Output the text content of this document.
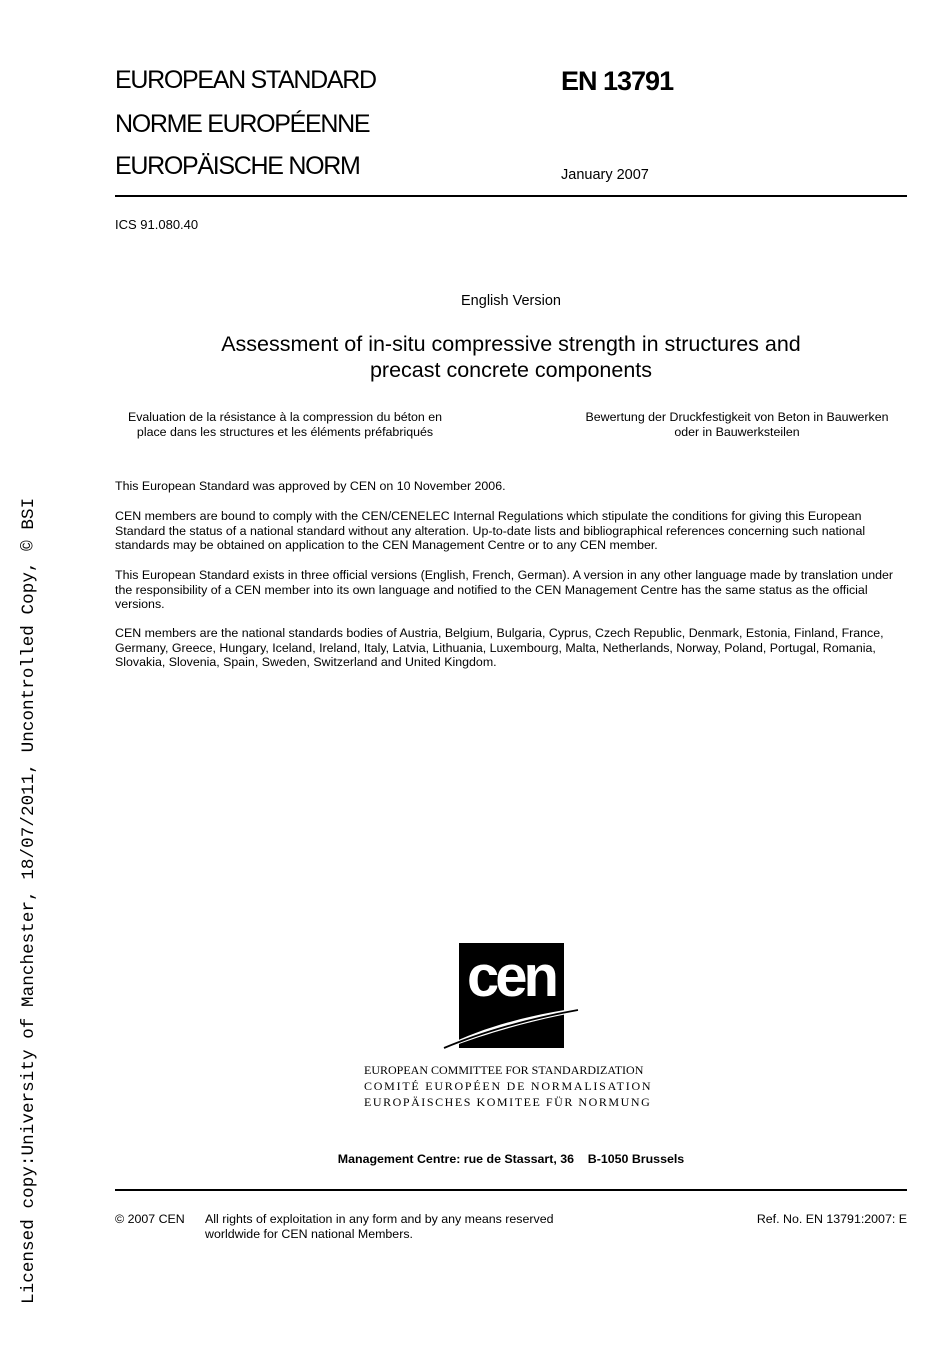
Licensed copy:University of Manchester, 18/07/2011, Uncontrolled Copy, © BSI
EUROPEAN STANDARD
NORME EUROPÉENNE
EUROPÄISCHE NORM
EN 13791
January 2007
ICS 91.080.40
English Version
Assessment of in-situ compressive strength in structures and
precast concrete components
Evaluation de la résistance à la compression du béton en
place dans les structures et les éléments préfabriqués
Bewertung der Druckfestigkeit von Beton in Bauwerken
oder in Bauwerksteilen
This European Standard was approved by CEN on 10 November 2006.
CEN members are bound to comply with the CEN/CENELEC Internal Regulations which stipulate the conditions for giving this European Standard the status of a national standard without any alteration. Up-to-date lists and bibliographical references concerning such national standards may be obtained on application to the CEN Management Centre or to any CEN member.
This European Standard exists in three official versions (English, French, German). A version in any other language made by translation under the responsibility of a CEN member into its own language and notified to the CEN Management Centre has the same status as the official versions.
CEN members are the national standards bodies of Austria, Belgium, Bulgaria, Cyprus, Czech Republic, Denmark, Estonia, Finland, France, Germany, Greece, Hungary, Iceland, Ireland, Italy, Latvia, Lithuania, Luxembourg, Malta, Netherlands, Norway, Poland, Portugal, Romania, Slovakia, Slovenia, Spain, Sweden, Switzerland and United Kingdom.
cen
EUROPEAN COMMITTEE FOR STANDARDIZATION
COMITÉ EUROPÉEN DE NORMALISATION
EUROPÄISCHES KOMITEE FÜR NORMUNG
Management Centre: rue de Stassart, 36    B-1050 Brussels
© 2007 CEN All rights of exploitation in any form and by any means reserved
worldwide for CEN national Members.
Ref. No. EN 13791:2007: E
